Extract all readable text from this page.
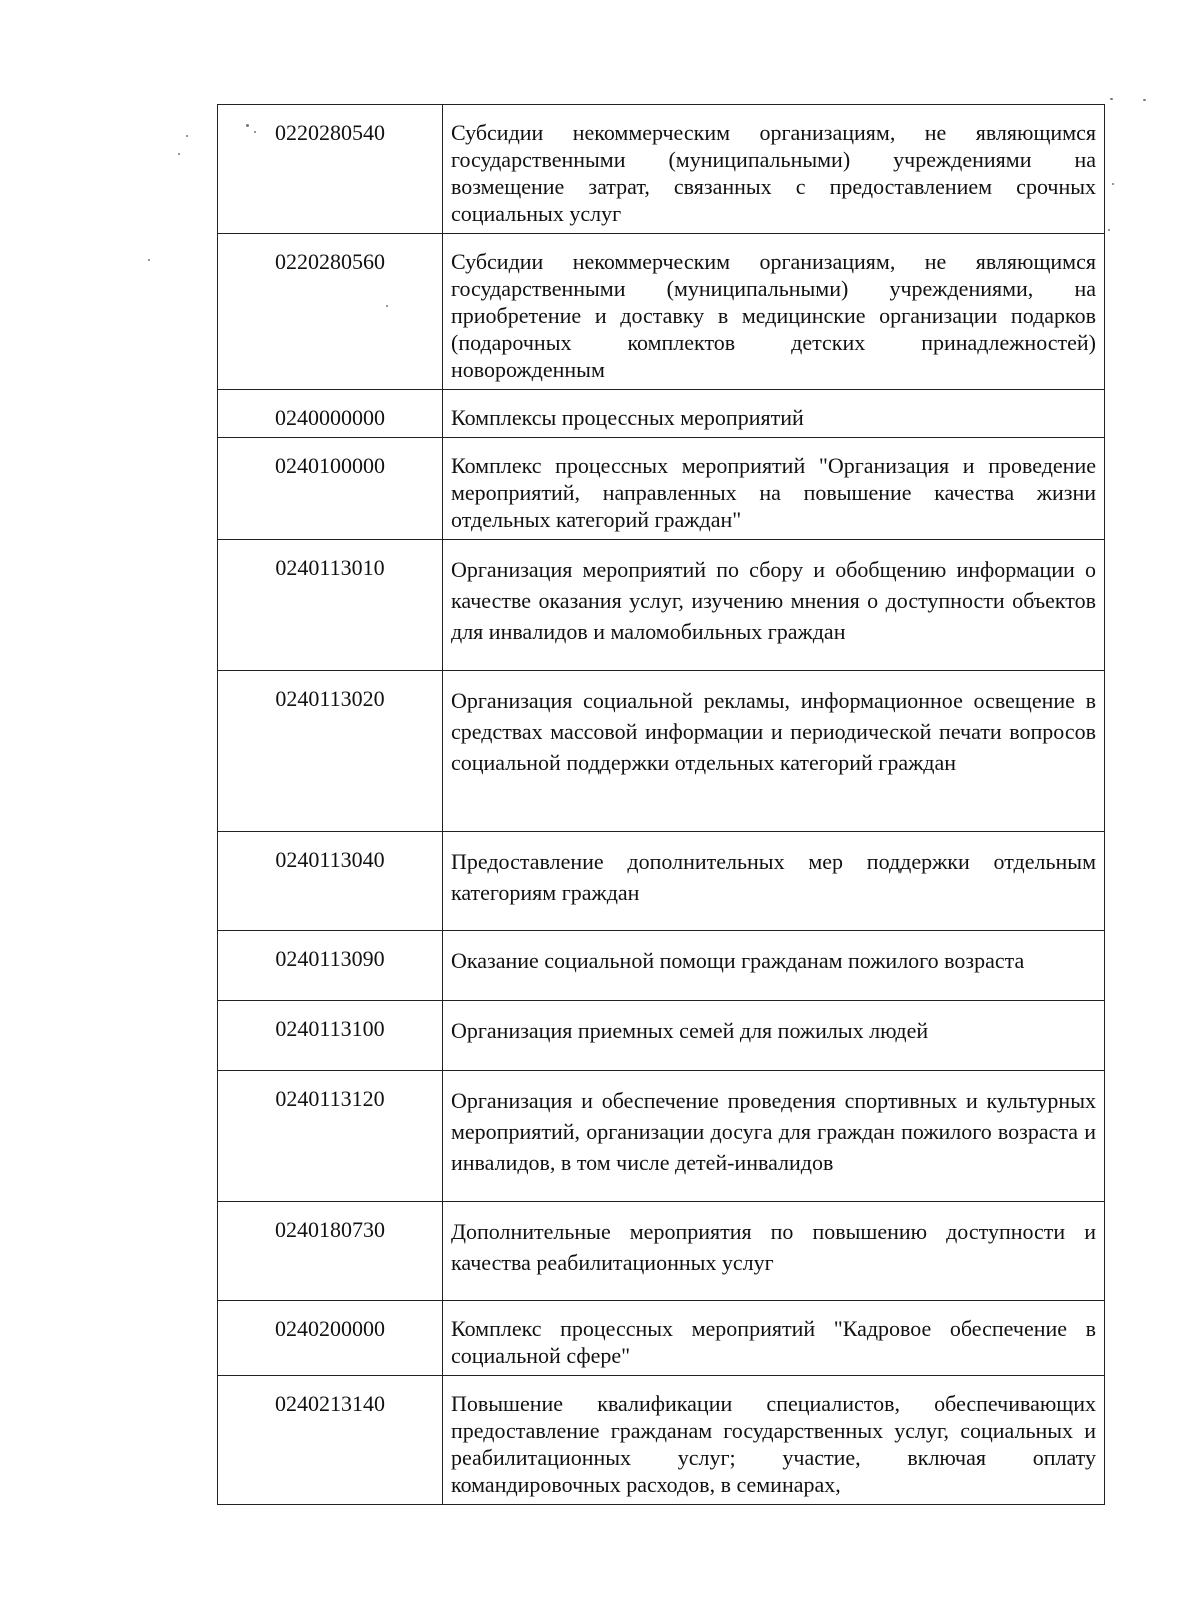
0220280540	Субсидии некоммерческим организациям, не являющимся государственными (муниципальными) учреждениями на возмещение затрат, связанных с предоставлением срочных социальных услуг
0220280560	Субсидии некоммерческим организациям, не являющимся государственными (муниципальными) учреждениями, на приобретение и доставку в медицинские организации подарков (подарочных комплектов детских принадлежностей) новорожденным
0240000000	Комплексы процессных мероприятий
0240100000	Комплекс процессных мероприятий "Организация и проведение мероприятий, направленных на повышение качества жизни отдельных категорий граждан"
0240113010	Организация мероприятий по сбору и обобщению информации о качестве оказания услуг, изучению мнения о доступности объектов для инвалидов и маломобильных граждан
0240113020	Организация социальной рекламы, информационное освещение в средствах массовой информации и периодической печати вопросов социальной поддержки отдельных категорий граждан
0240113040	Предоставление дополнительных мер поддержки отдельным категориям граждан
0240113090	Оказание социальной помощи гражданам пожилого возраста
0240113100	Организация приемных семей для пожилых людей
0240113120	Организация и обеспечение проведения спортивных и культурных мероприятий, организации досуга для граждан пожилого возраста и инвалидов, в том числе детей-инвалидов
0240180730	Дополнительные мероприятия по повышению доступности и качества реабилитационных услуг
0240200000	Комплекс процессных мероприятий "Кадровое обеспечение в социальной сфере"
0240213140	Повышение квалификации специалистов, обеспечивающих предоставление гражданам государственных услуг, социальных и реабилитационных услуг; участие, включая оплату командировочных расходов, в семинарах,
